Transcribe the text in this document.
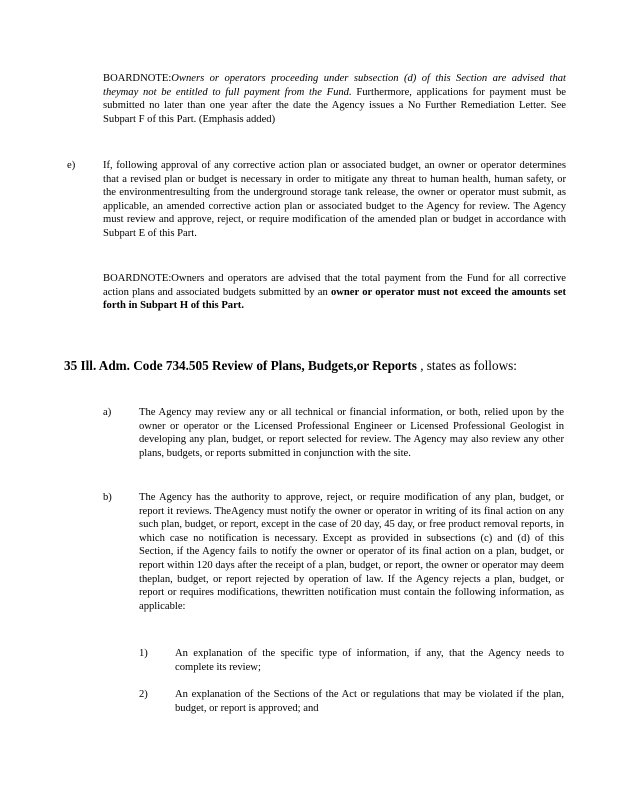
BOARDNOTE:Owners or operators proceeding under subsection (d) of this Section are advised that theymay not be entitled to full payment from the Fund. Furthermore, applications for payment must be submitted no later than one year after the date the Agency issues a No Further Remediation Letter. See Subpart F of this Part. (Emphasis added)

e)	If, following approval of any corrective action plan or associated budget, an owner or operator determines that a revised plan or budget is necessary in order to mitigate any threat to human health, human safety, or the environmentresulting from the underground storage tank release, the owner or operator must submit, as applicable, an amended corrective action plan or associated budget to the Agency for review. The Agency must review and approve, reject, or require modification of the amended plan or budget in accordance with Subpart E of this Part.

BOARDNOTE:Owners and operators are advised that the total payment from the Fund for all corrective action plans and associated budgets submitted by an owner or operator must not exceed the amounts set forth in Subpart H of this Part.

35 Ill. Adm. Code 734.505 Review of Plans, Budgets,or Reports , states as follows:
a)	The Agency may review any or all technical or financial information, or both, relied upon by the owner or operator or the Licensed Professional Engineer or Licensed Professional Geologist in developing any plan, budget, or report selected for review. The Agency may also review any other plans, budgets, or reports submitted in conjunction with the site.

b)	The Agency has the authority to approve, reject, or require modification of any plan, budget, or report it reviews. TheAgency must notify the owner or operator in writing of its final action on any such plan, budget, or report, except in the case of 20 day, 45 day, or free product removal reports, in which case no notification is necessary. Except as provided in subsections (c) and (d) of this Section, if the Agency fails to notify the owner or operator of its final action on a plan, budget, or report within 120 days after the receipt of a plan, budget, or report, the owner or operator may deem theplan, budget, or report rejected by operation of law. If the Agency rejects a plan, budget, or report or requires modifications, thewritten notification must contain the following information, as applicable:

1)	An explanation of the specific type of information, if any, that the Agency needs to complete its review;

2)	An explanation of the Sections of the Act or regulations that may be violated if the plan, budget, or report is approved; and
